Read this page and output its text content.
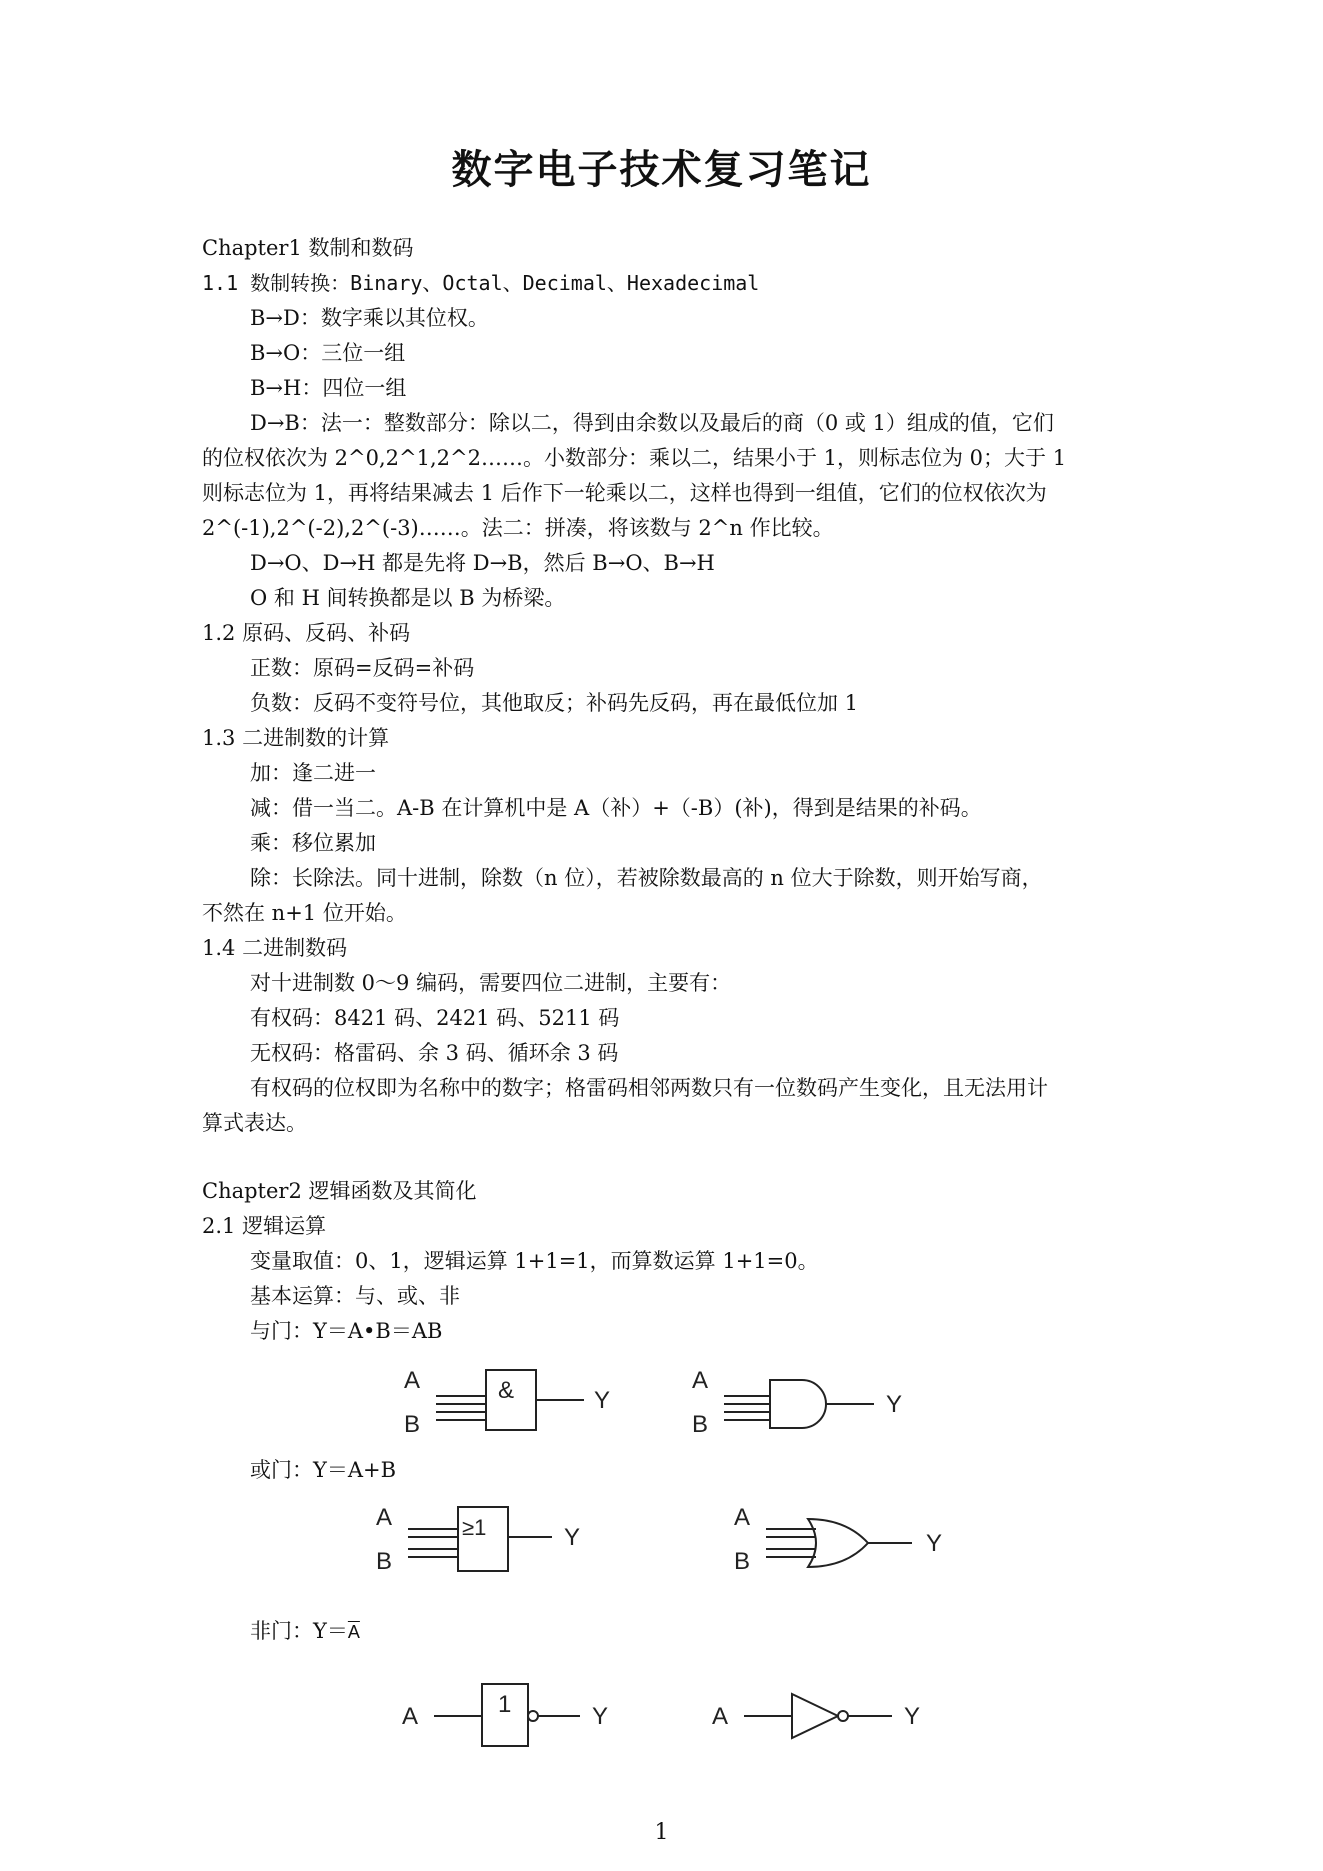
数字电子技术复习笔记
Chapter1 数制和数码
1.1 数制转换：Binary、Octal、Decimal、Hexadecimal
B→D：数字乘以其位权。
B→O：三位一组
B→H：四位一组
D→B：法一：整数部分：除以二，得到由余数以及最后的商（0 或 1）组成的值，它们
的位权依次为 2^0,2^1,2^2……。小数部分：乘以二，结果小于 1，则标志位为 0；大于 1
则标志位为 1，再将结果减去 1 后作下一轮乘以二，这样也得到一组值，它们的位权依次为
2^(-1),2^(-2),2^(-3)……。法二：拼凑，将该数与 2^n 作比较。
D→O、D→H 都是先将 D→B，然后 B→O、B→H
O 和 H 间转换都是以 B 为桥梁。
1.2 原码、反码、补码
正数：原码=反码=补码
负数：反码不变符号位，其他取反；补码先反码，再在最低位加 1
1.3 二进制数的计算
加：逢二进一
减：借一当二。A-B 在计算机中是 A（补）+（-B）(补)，得到是结果的补码。
乘：移位累加
除：长除法。同十进制，除数（n 位），若被除数最高的 n 位大于除数，则开始写商，
不然在 n+1 位开始。
1.4 二进制数码
对十进制数 0～9 编码，需要四位二进制，主要有：
有权码：8421 码、2421 码、5211 码
无权码：格雷码、余 3 码、循环余 3 码
有权码的位权即为名称中的数字；格雷码相邻两数只有一位数码产生变化，且无法用计
算式表达。
Chapter2 逻辑函数及其简化
2.1 逻辑运算
变量取值：0、1，逻辑运算 1+1=1，而算数运算 1+1=0。
基本运算：与、或、非
与门：Y＝A•B＝AB
A
B
&	Y
A
B
Y
或门：Y＝A+B
A
B
≥1	Y
A
B
Y
非门：$Y=\overline{A}$
A	1	Y	A	Y
1
